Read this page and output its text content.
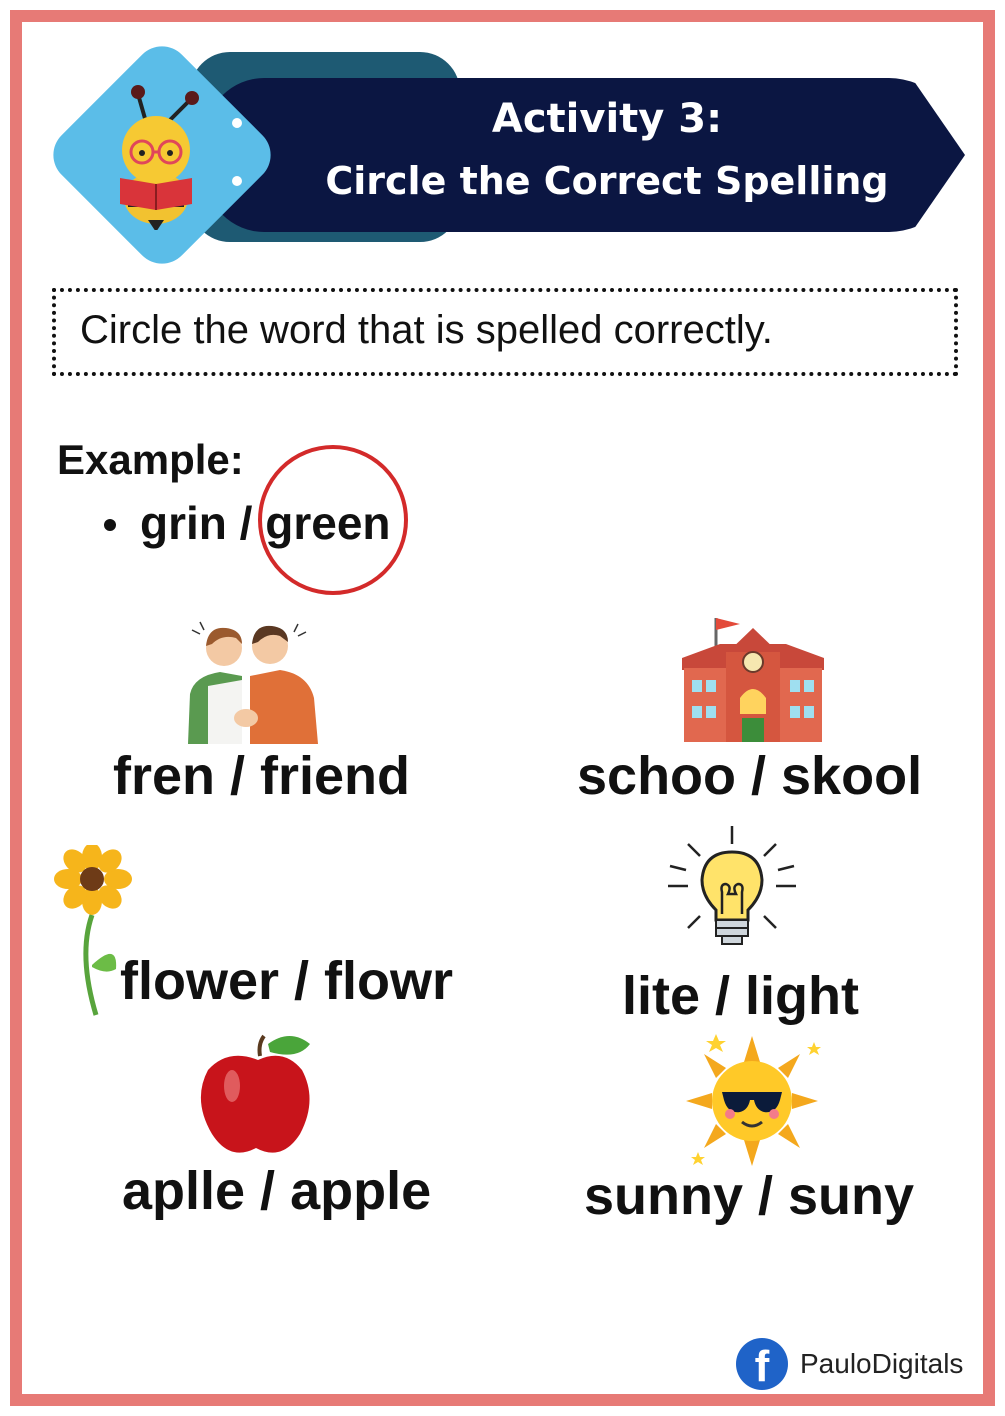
Activity 3:
Circle the Correct Spelling
Circle the word that is spelled correctly.
Example:
grin / green
fren / friend	schoo / skool
flower / flowr	lite / light
aplle / apple	sunny / suny
f	PauloDigitals
